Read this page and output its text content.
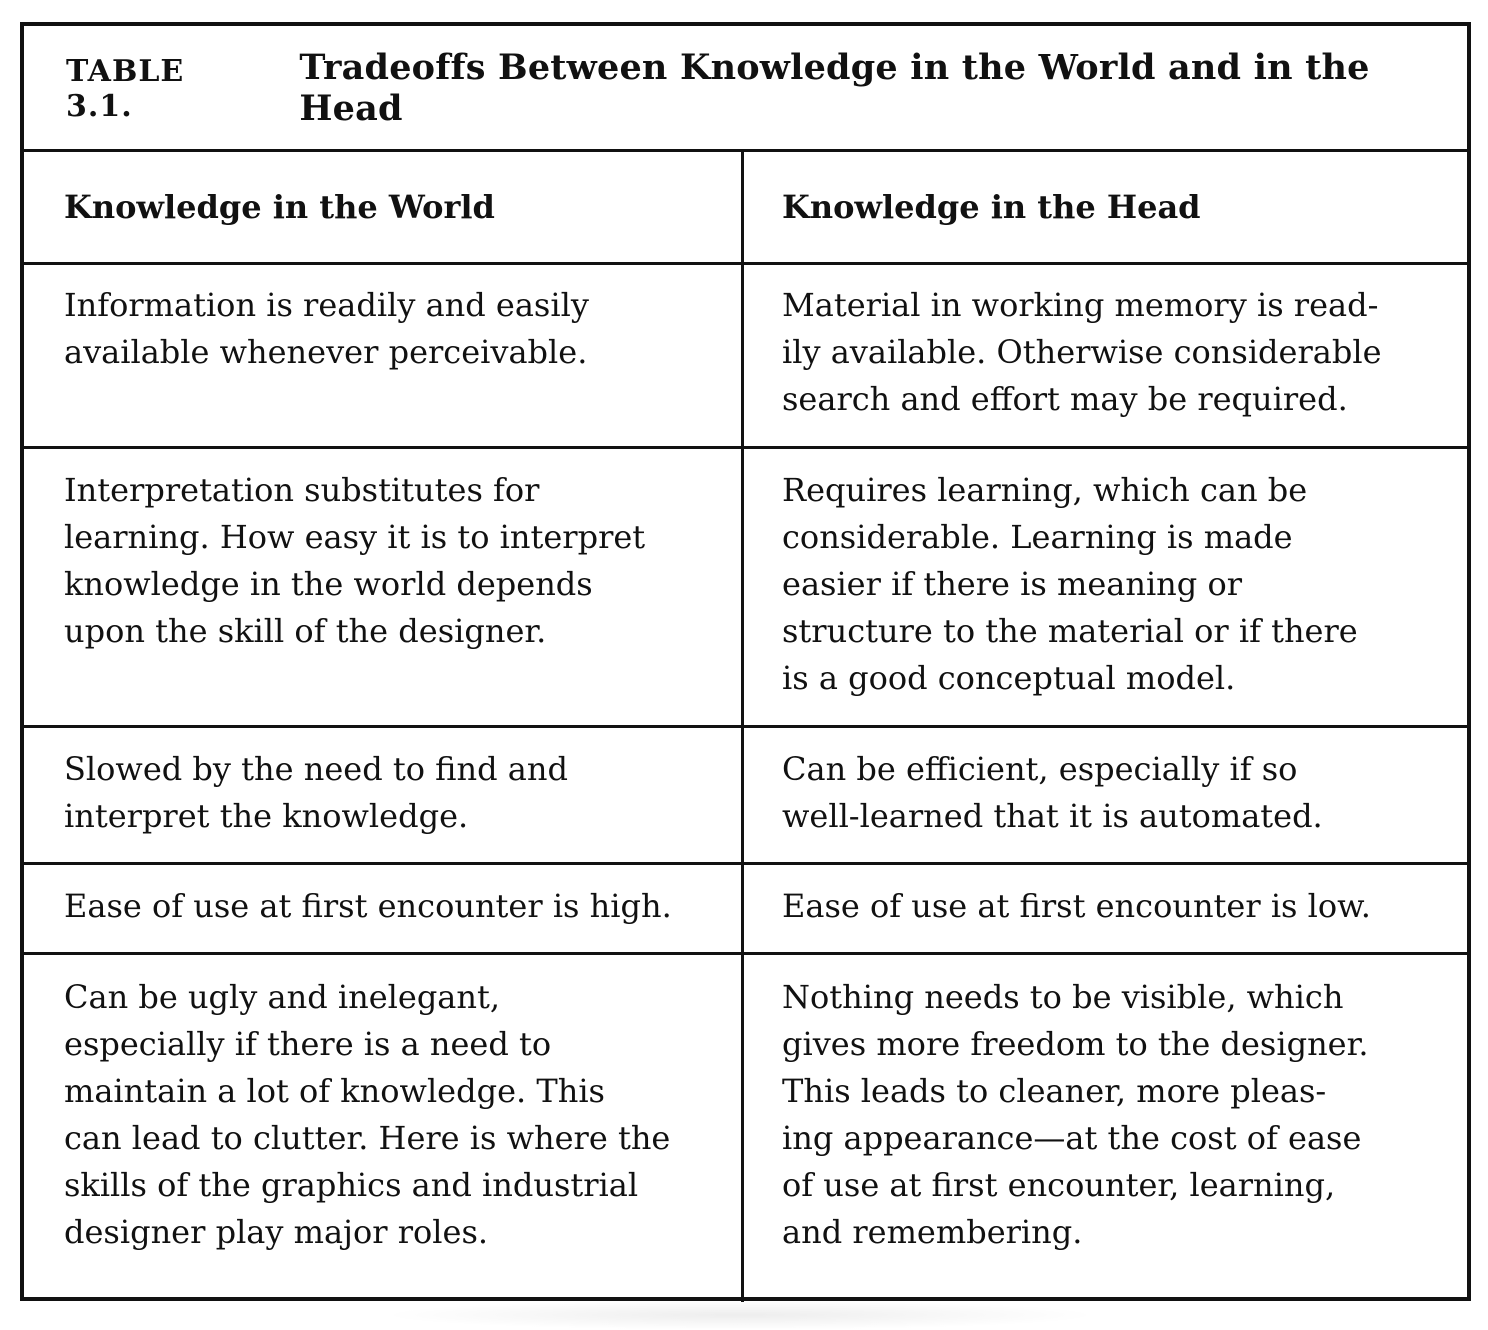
TABLE 3.1.
Tradeoffs Between Knowledge in the World and in the Head
Knowledge in the World	Knowledge in the Head
Information is readily and easily
available whenever perceivable.
Material in working memory is read-
ily available. Otherwise considerable
search and effort may be required.
Interpretation substitutes for
learning. How easy it is to interpret
knowledge in the world depends
upon the skill of the designer.
Requires learning, which can be
considerable. Learning is made
easier if there is meaning or
structure to the material or if there
is a good conceptual model.
Slowed by the need to find and
interpret the knowledge.
Can be efficient, especially if so
well-learned that it is automated.
Ease of use at first encounter is high.	Ease of use at first encounter is low.
Can be ugly and inelegant,
especially if there is a need to
maintain a lot of knowledge. This
can lead to clutter. Here is where the
skills of the graphics and industrial
designer play major roles.
Nothing needs to be visible, which
gives more freedom to the designer.
This leads to cleaner, more pleas-
ing appearance—at the cost of ease
of use at first encounter, learning,
and remembering.
